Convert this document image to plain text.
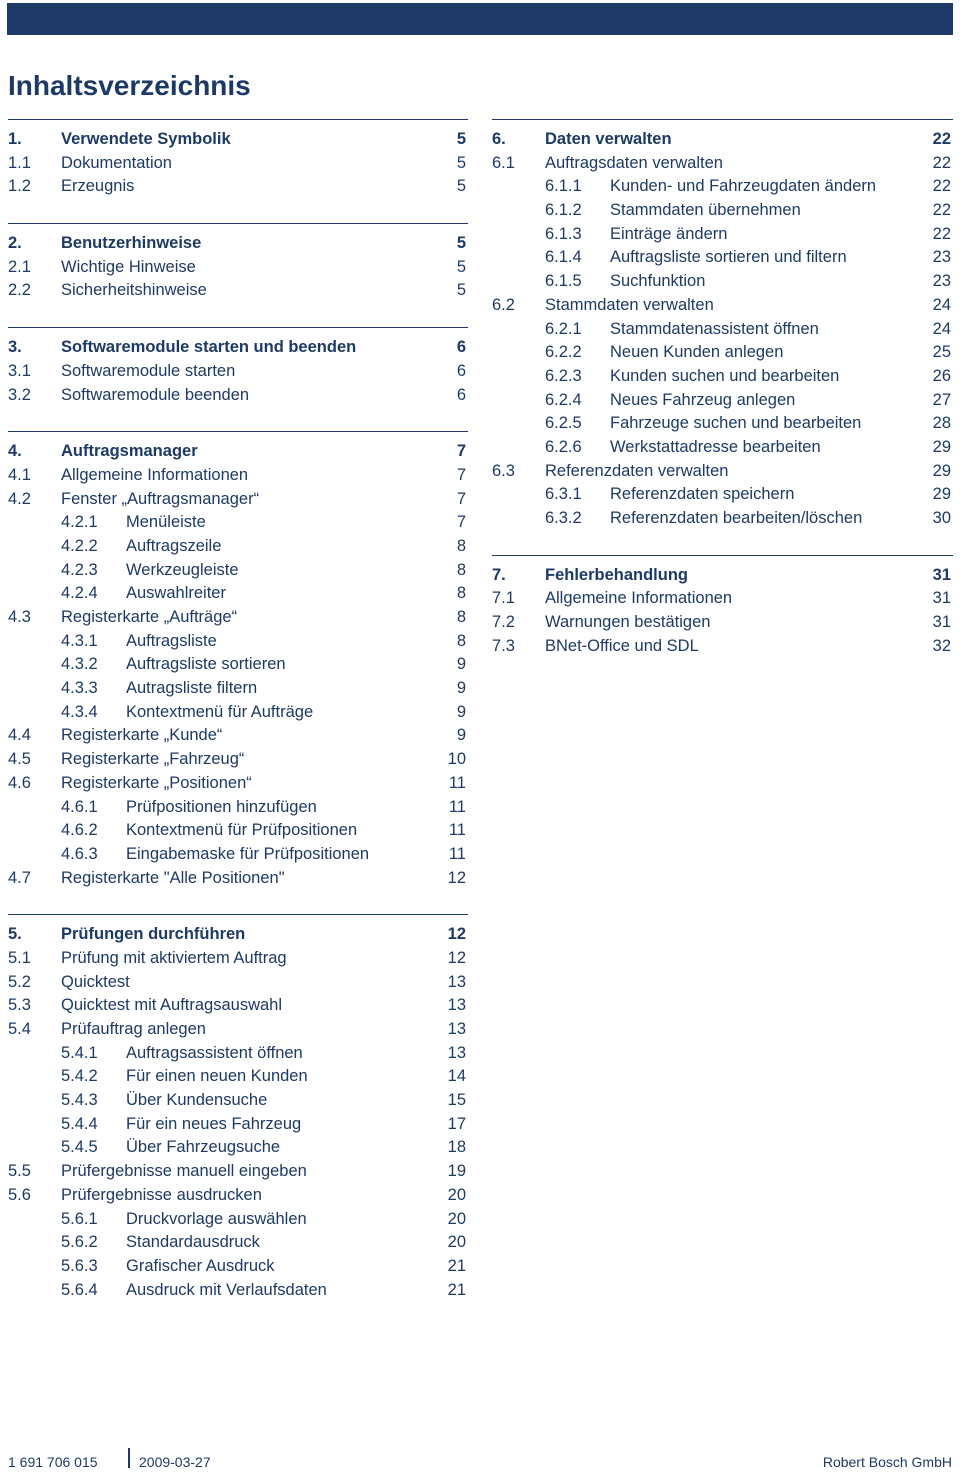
de  |  4  |  BSA / SDL Ordermanager  |

Inhaltsverzeichnis
1. Verwendete Symbolik	5
1.1 Dokumentation	5
1.2 Erzeugnis	5
2. Benutzerhinweise	5
2.1 Wichtige Hinweise	5
2.2 Sicherheitshinweise	5
3. Softwaremodule starten und beenden	6
3.1 Softwaremodule starten	6
3.2 Softwaremodule beenden	6
4. Auftragsmanager	7
4.1 Allgemeine Informationen	7
4.2 Fenster „Auftragsmanager“	7
4.2.1 Menüleiste	7
4.2.2 Auftragszeile	8
4.2.3 Werkzeugleiste	8
4.2.4 Auswahlreiter	8
4.3 Registerkarte „Aufträge“	8
4.3.1 Auftragsliste	8
4.3.2 Auftragsliste sortieren	9
4.3.3 Autragsliste filtern	9
4.3.4 Kontextmenü für Aufträge	9
4.4 Registerkarte „Kunde“	9
4.5 Registerkarte „Fahrzeug“	10
4.6 Registerkarte „Positionen“	11
4.6.1 Prüfpositionen hinzufügen	11
4.6.2 Kontextmenü für Prüfpositionen	11
4.6.3 Eingabemaske für Prüfpositionen	11
4.7 Registerkarte "Alle Positionen"	12
5. Prüfungen durchführen	12
5.1 Prüfung mit aktiviertem Auftrag	12
5.2 Quicktest	13
5.3 Quicktest mit Auftragsauswahl	13
5.4 Prüfauftrag anlegen	13
5.4.1 Auftragsassistent öffnen	13
5.4.2 Für einen neuen Kunden	14
5.4.3 Über Kundensuche	15
5.4.4 Für ein neues Fahrzeug	17
5.4.5 Über Fahrzeugsuche	18
5.5 Prüfergebnisse manuell eingeben	19
5.6 Prüfergebnisse ausdrucken	20
5.6.1 Druckvorlage auswählen	20
5.6.2 Standardausdruck	20
5.6.3 Grafischer Ausdruck	21
5.6.4 Ausdruck mit Verlaufsdaten	21
6. Daten verwalten	22
6.1 Auftragsdaten verwalten	22
6.1.1 Kunden- und Fahrzeugdaten ändern	22
6.1.2 Stammdaten übernehmen	22
6.1.3 Einträge ändern	22
6.1.4 Auftragsliste sortieren und filtern	23
6.1.5 Suchfunktion	23
6.2 Stammdaten verwalten	24
6.2.1 Stammdatenassistent öffnen	24
6.2.2 Neuen Kunden anlegen	25
6.2.3 Kunden suchen und bearbeiten	26
6.2.4 Neues Fahrzeug anlegen	27
6.2.5 Fahrzeuge suchen und bearbeiten	28
6.2.6 Werkstattadresse bearbeiten	29
6.3 Referenzdaten verwalten	29
6.3.1 Referenzdaten speichern	29
6.3.2 Referenzdaten bearbeiten/löschen	30
7. Fehlerbehandlung	31
7.1 Allgemeine Informationen	31
7.2 Warnungen bestätigen	31
7.3 BNet-Office und SDL	32
1 691 706 015	2009-03-27	Robert Bosch GmbH
